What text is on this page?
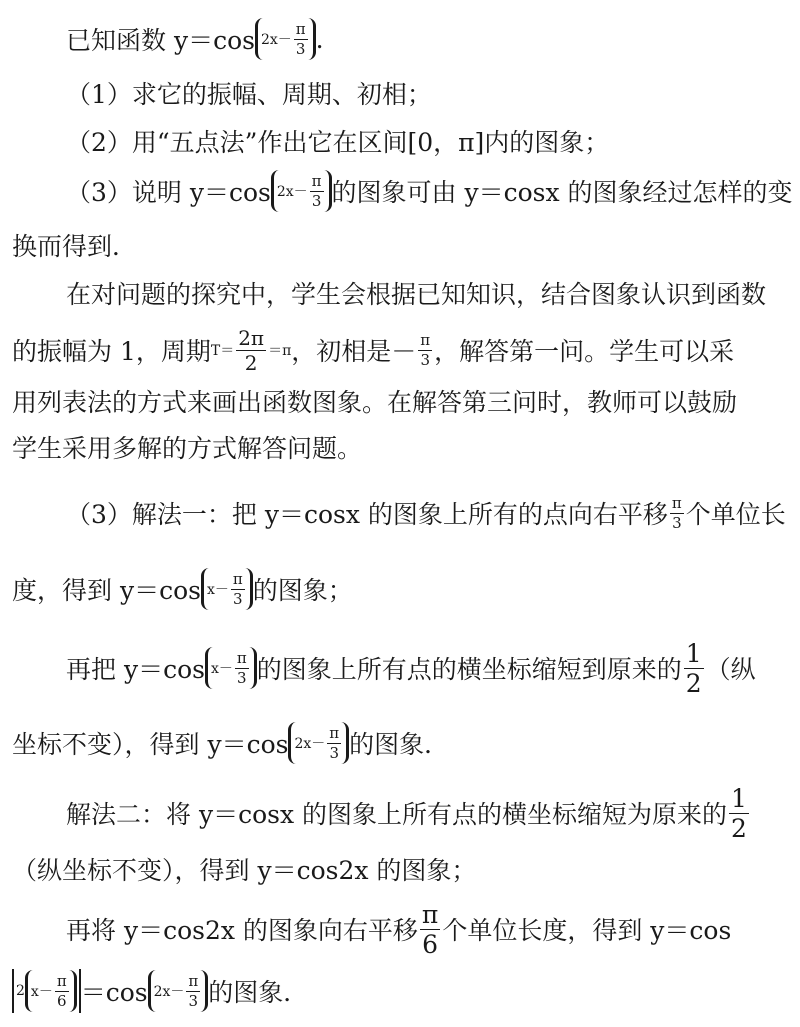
已知函数 y＝cos $2x- \frac{\pi}{3}$ .
（1）求它的振幅、周期、初相；
（2）用“五点法”作出它在区间[0，π]内的图象；
（3）说明 y＝cos $2x- \frac{\pi}{3}$ 的图象可由 y＝cosx 的图象经过怎样的变
换而得到．
在对问题的探究中，学生会根据已知知识，结合图象认识到函数
的振幅为 1，周期 $T= \frac{2\pi}{2} =\pi$ ，初相是－ $\frac{\pi}{3}$ ，解答第一问。学生可以采
用列表法的方式来画出函数图象。在解答第三问时，教师可以鼓励
学生采用多解的方式解答问题。
（3）解法一：把 y＝cosx 的图象上所有的点向右平移 $\frac{\pi}{3}$ 个单位长
度，得到 y＝cos $x- \frac{\pi}{3}$ 的图象；
再把 y＝cos $x- \frac{\pi}{3}$ 的图象上所有点的横坐标缩短到原来的 $\frac{1}{2}$ （纵
坐标不变），得到 y＝cos $2x- \frac{\pi}{3}$ 的图象．
解法二：将 y＝cosx 的图象上所有点的横坐标缩短为原来的 $\frac{1}{2}$
（纵坐标不变），得到 y＝cos2x 的图象；
再将 y＝cos2x 的图象向右平移 $\frac{\pi}{6}$ 个单位长度，得到 y＝cos
2 $x- \frac{\pi}{6} =\cos$ $2x- \frac{\pi}{3}$ 的图象．
